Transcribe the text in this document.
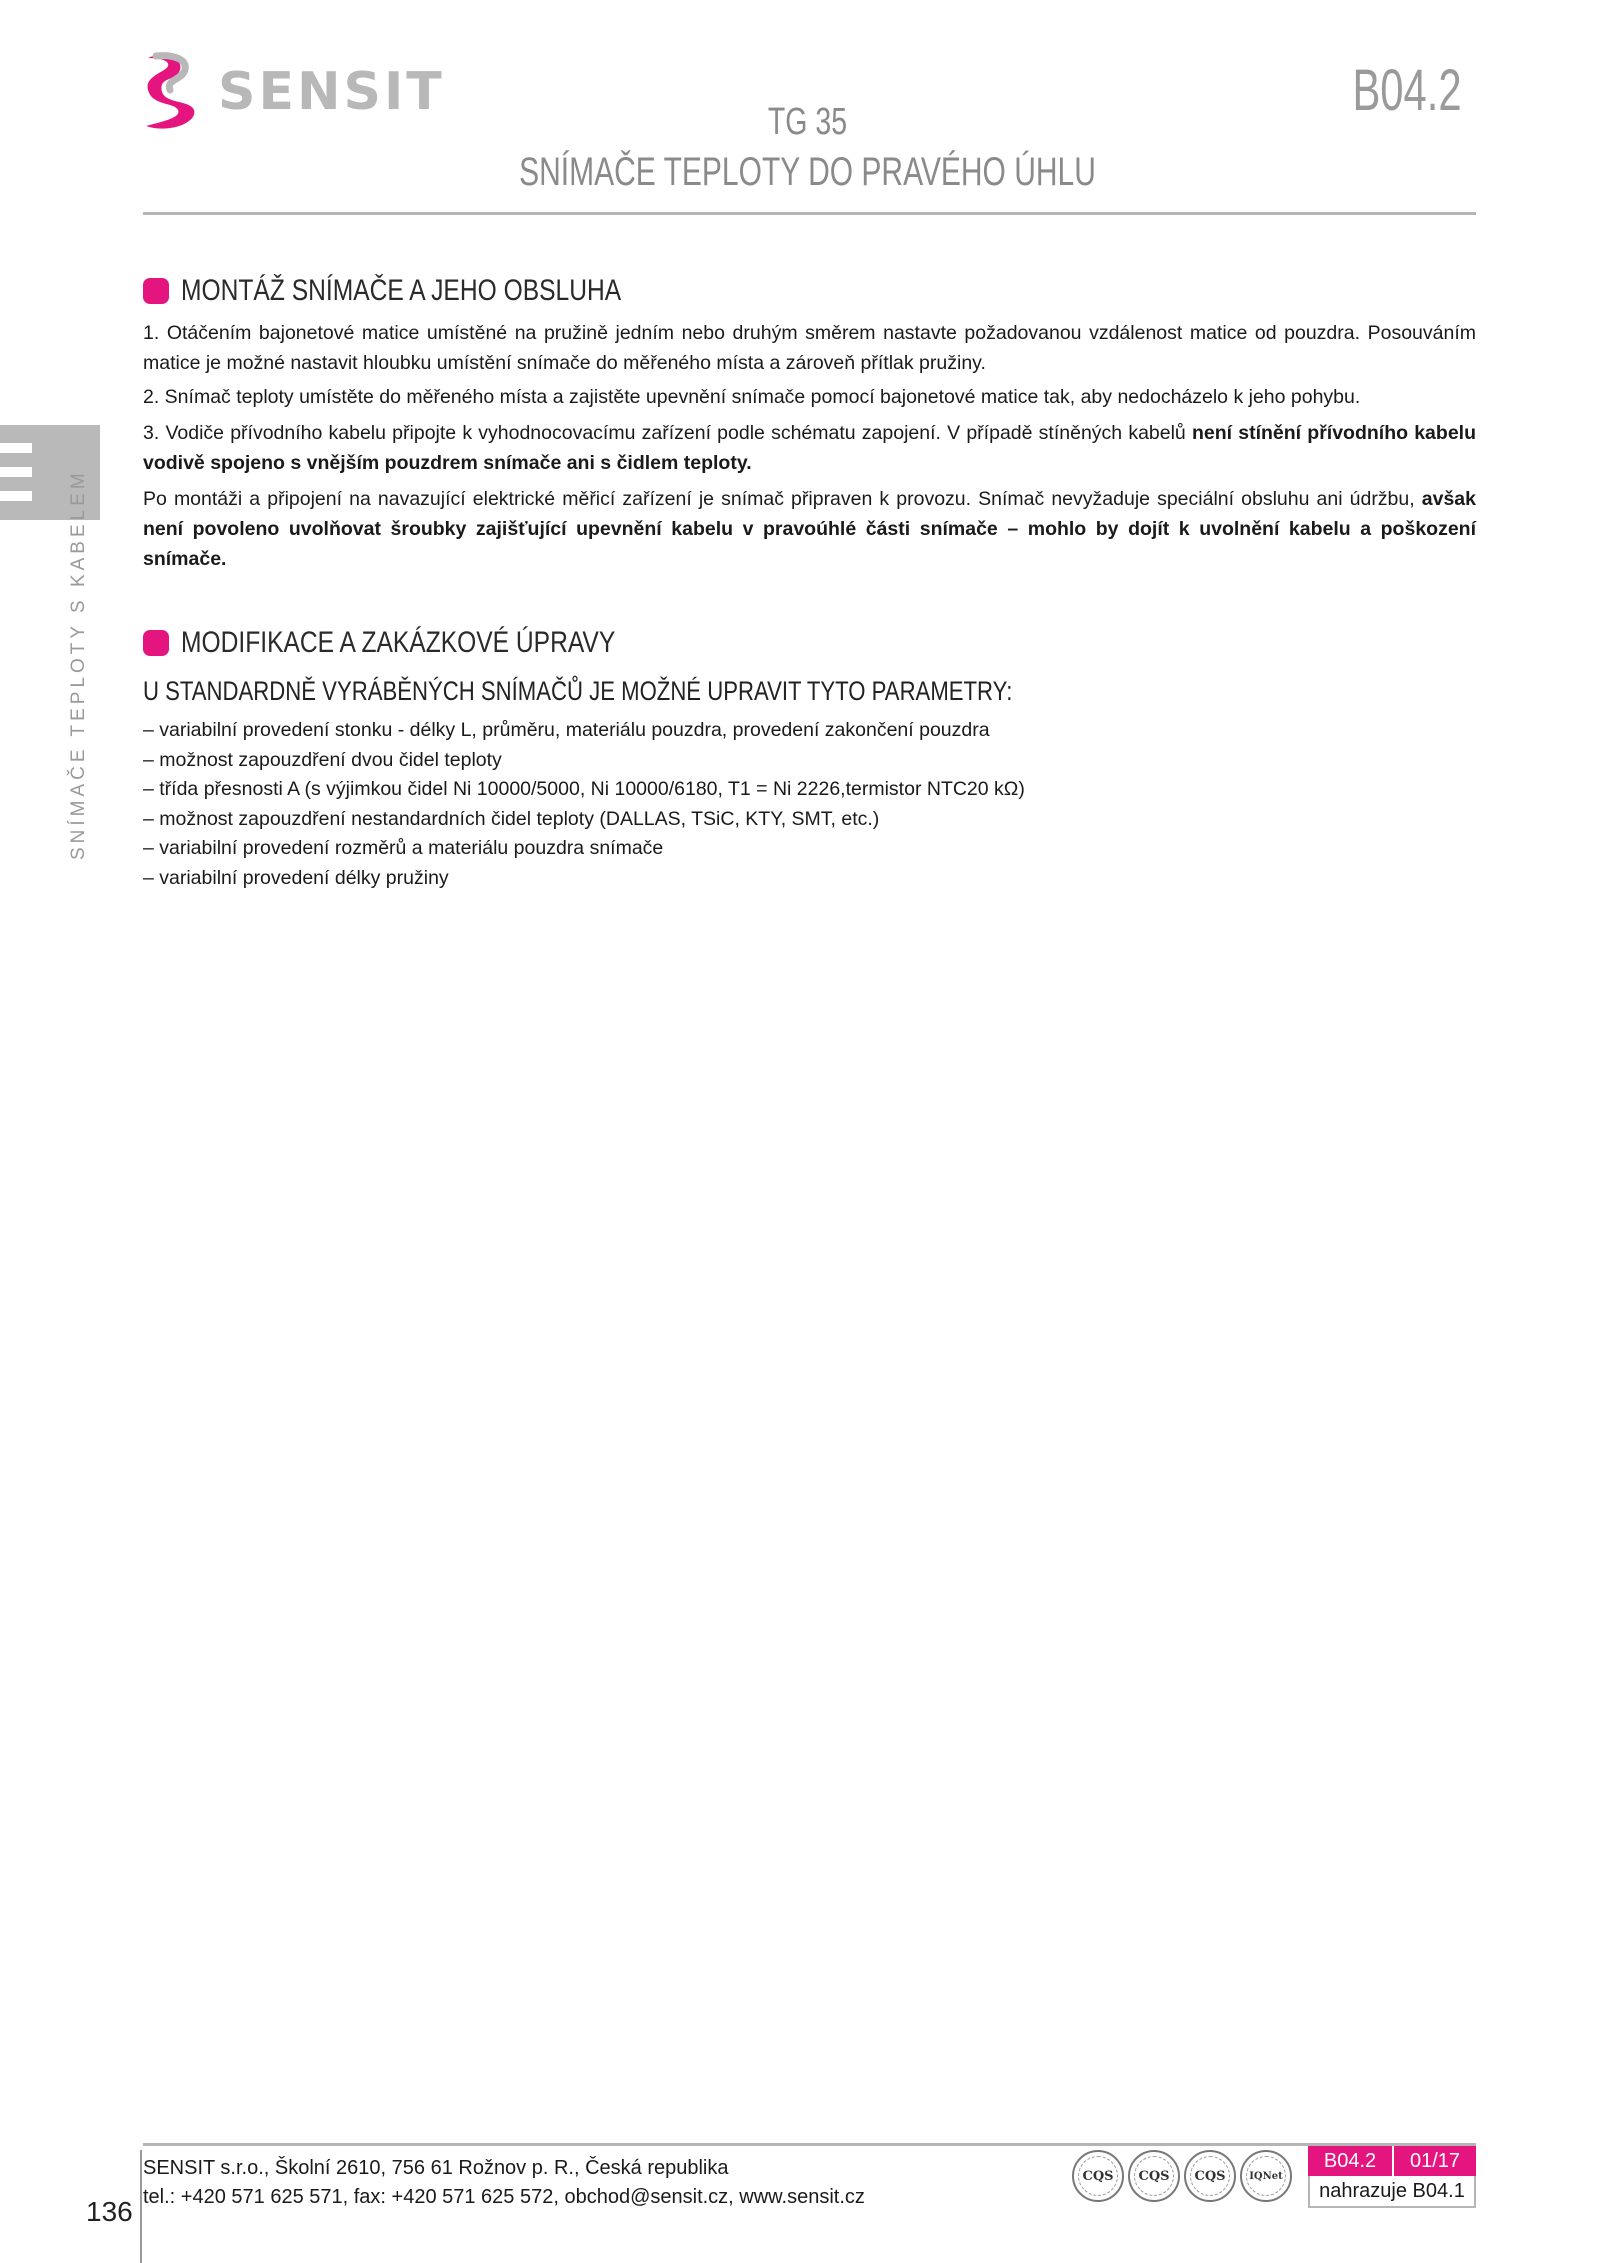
SENSIT	B04.2
TG 35
SNÍMAČE TEPLOTY DO PRAVÉHO ÚHLU
SNÍMAČE TEPLOTY S KABELEM
MONTÁŽ SNÍMAČE A JEHO OBSLUHA
1. Otáčením bajonetové matice umístěné na pružině jedním nebo druhým směrem nastavte požadovanou vzdálenost matice od pouzdra. Posouváním matice je možné nastavit hloubku umístění snímače do měřeného místa a zároveň přítlak pružiny.
2. Snímač teploty umístěte do měřeného místa a zajistěte upevnění snímače pomocí bajonetové matice tak, aby nedocházelo k jeho pohybu.
3. Vodiče přívodního kabelu připojte k vyhodnocovacímu zařízení podle schématu zapojení. V případě stíněných kabelů není stínění přívodního kabelu vodivě spojeno s vnějším pouzdrem snímače ani s čidlem teploty.
Po montáži a připojení na navazující elektrické měřicí zařízení je snímač připraven k provozu. Snímač nevyžaduje speciální obsluhu ani údržbu, avšak není povoleno uvolňovat šroubky zajišťující upevnění kabelu v pravoúhlé části snímače – mohlo by dojít k uvolnění kabelu a poškození snímače.
MODIFIKACE A ZAKÁZKOVÉ ÚPRAVY
U STANDARDNĚ VYRÁBĚNÝCH SNÍMAČŮ JE MOŽNÉ UPRAVIT TYTO PARAMETRY:
– variabilní provedení stonku - délky L, průměru, materiálu pouzdra, provedení zakončení pouzdra
– možnost zapouzdření dvou čidel teploty
– třída přesnosti A (s výjimkou čidel Ni 10000/5000, Ni 10000/6180, T1 = Ni 2226,termistor NTC20 kΩ)
– možnost zapouzdření nestandardních čidel teploty (DALLAS, TSiC, KTY, SMT, etc.)
– variabilní provedení rozměrů a materiálu pouzdra snímače
– variabilní provedení délky pružiny
SENSIT s.r.o., Školní 2610, 756 61 Rožnov p. R., Česká republika
tel.: +420 571 625 571, fax: +420 571 625 572, obchod@sensit.cz, www.sensit.cz
136
CQS	CQS	CQS	IQNet
B04.2	01/17
nahrazuje B04.1
